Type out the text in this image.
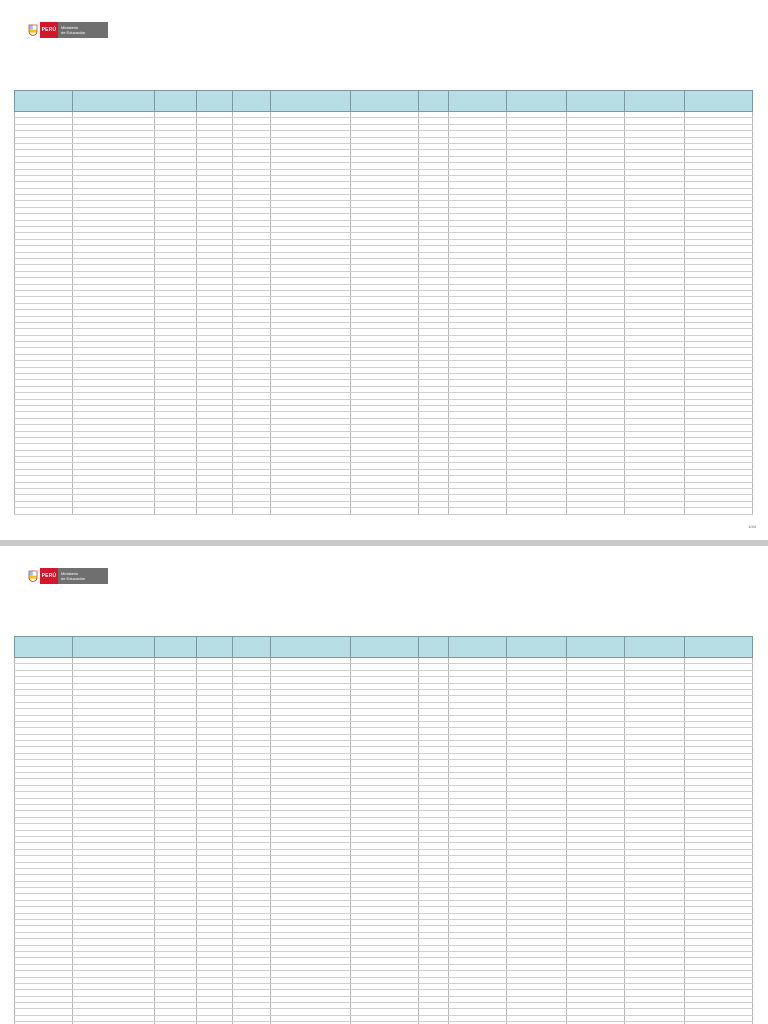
PERÚ	Ministerio
de Educación

1/44
PERÚ	Ministerio
de Educación
